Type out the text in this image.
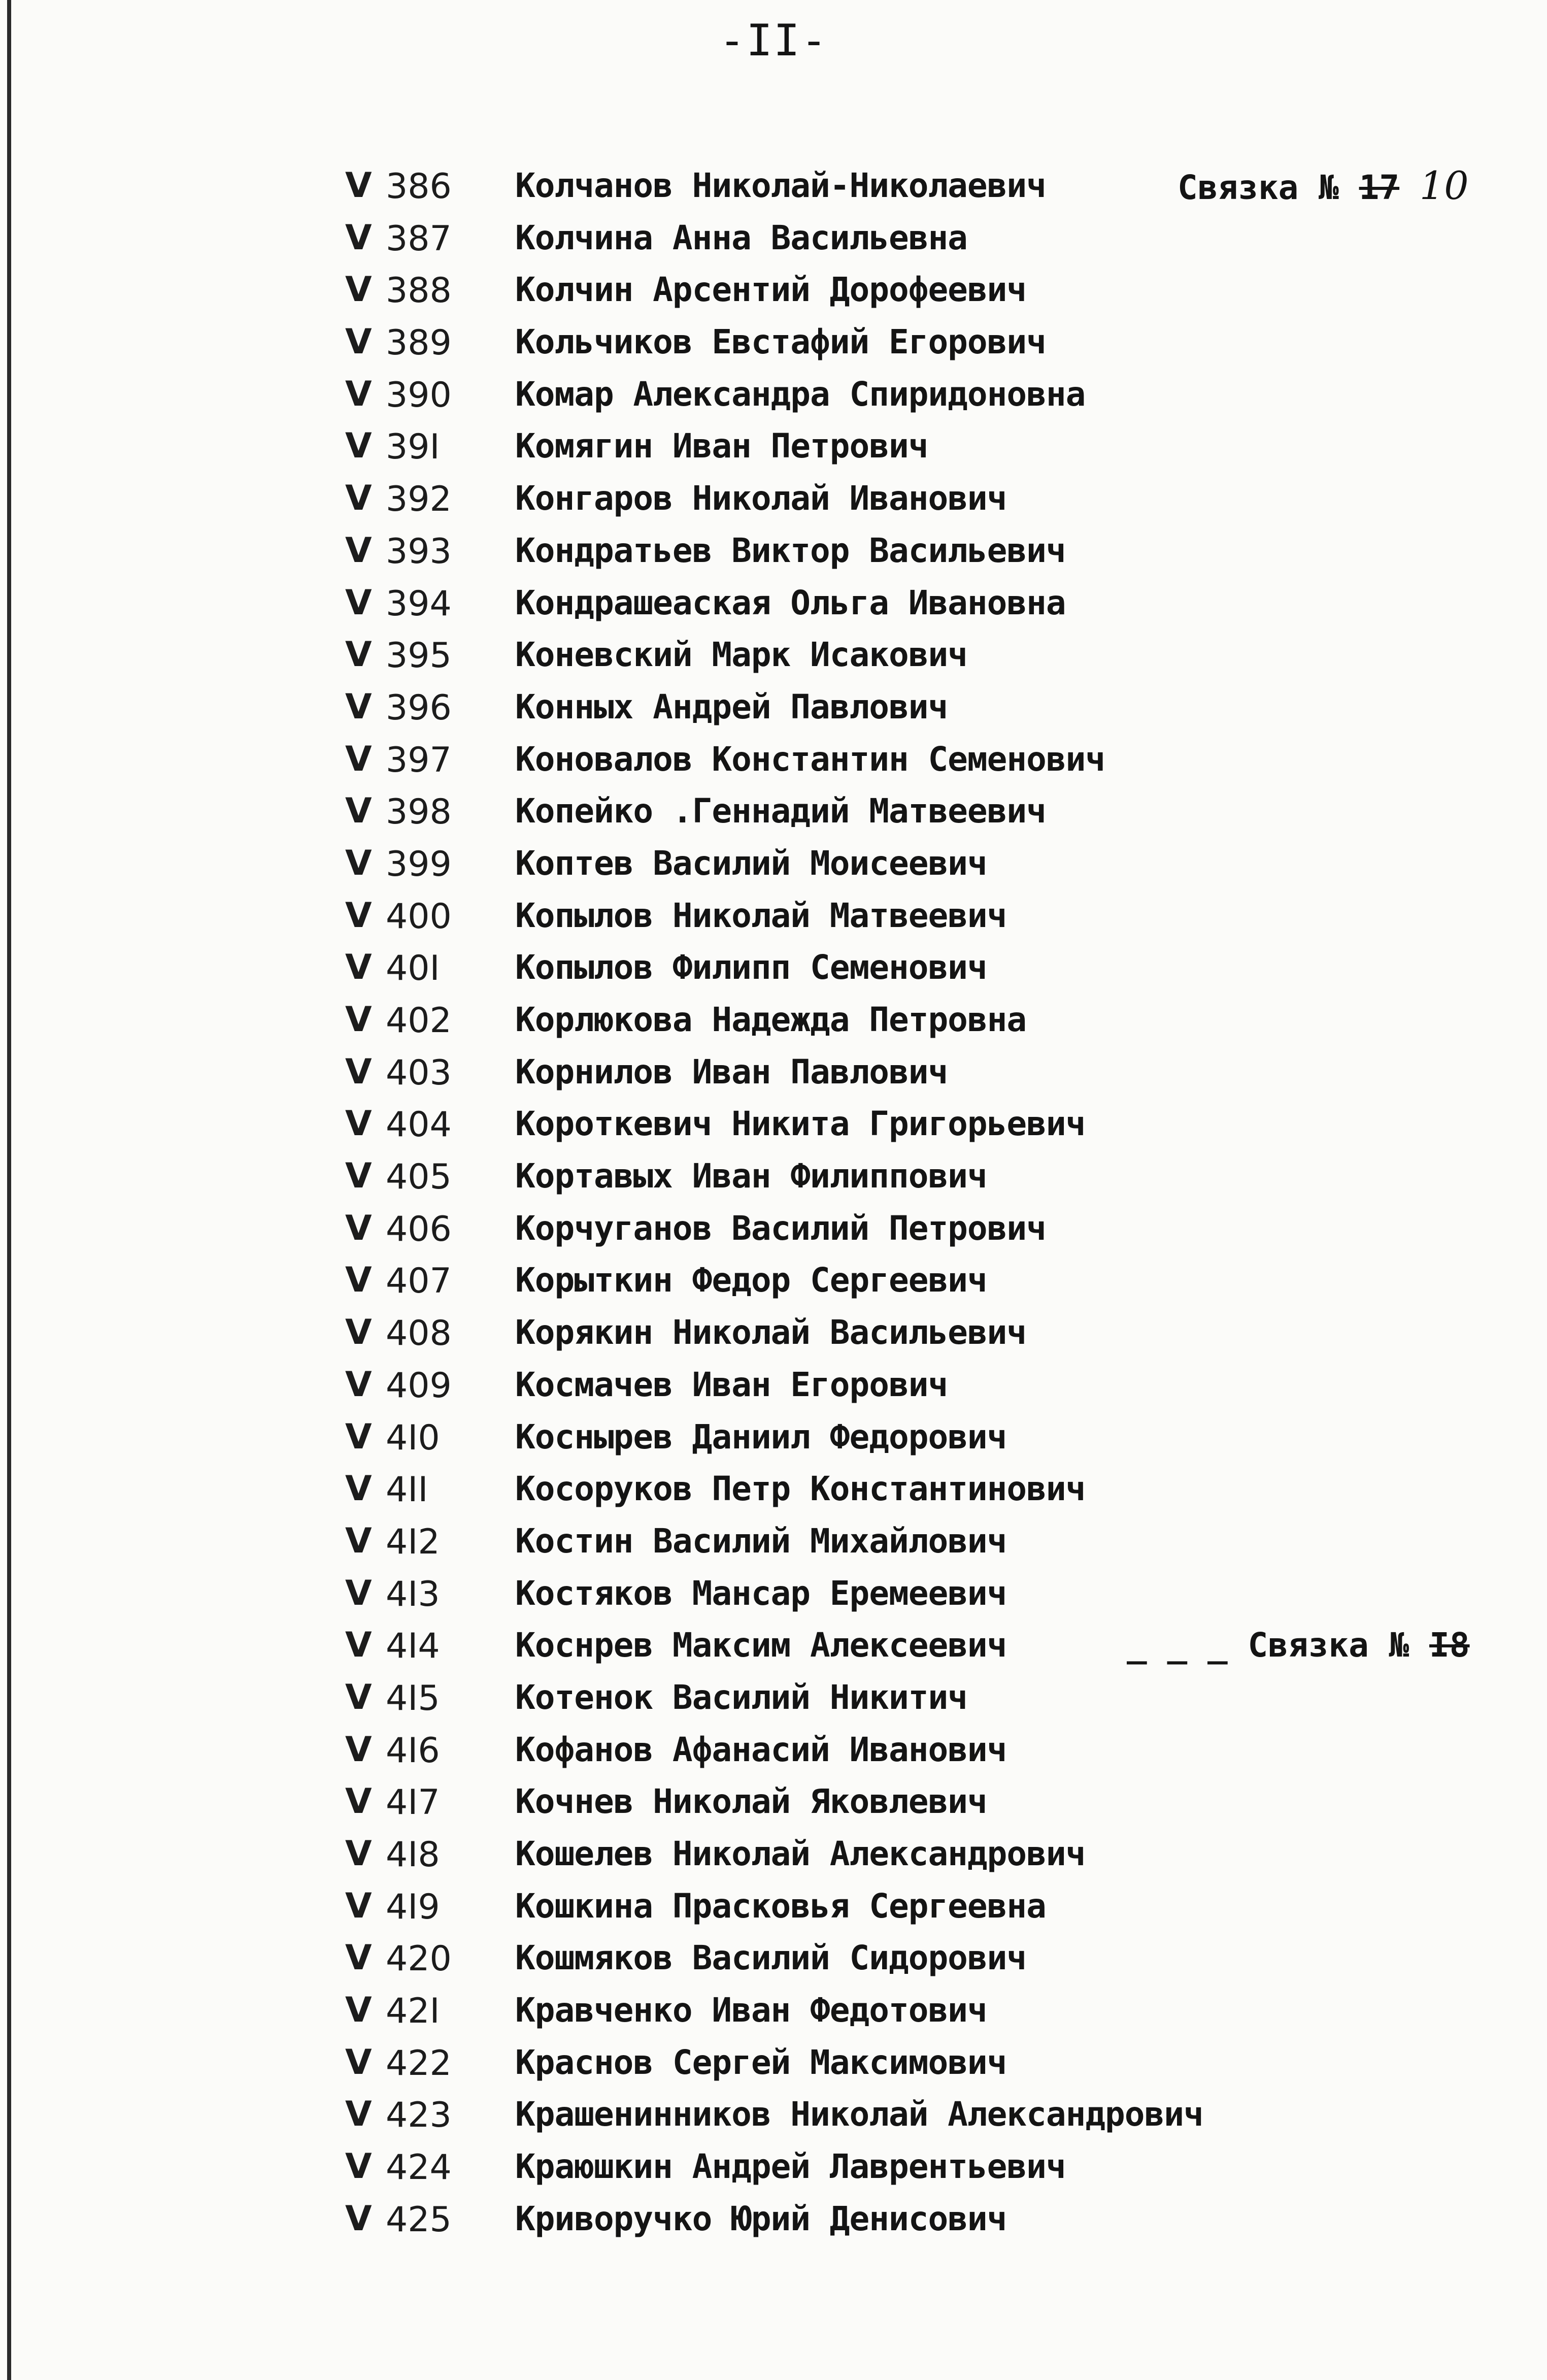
-II-
V 386 Колчанов Николай-Николаевич	Связка № 17 10
V 387 Колчина Анна Васильевна
V 388 Колчин Арсентий Дорофеевич
V 389 Кольчиков Евстафий Егорович
V 390 Комар Александра Спиридоновна
V 39I Комягин Иван Петрович
V 392 Конгаров Николай Иванович
V 393 Кондратьев Виктор Васильевич
V 394 Кондрашеаская Ольга Ивановна
V 395 Коневский Марк Исакович
V 396 Конных Андрей Павлович
V 397 Коновалов Константин Семенович
V 398 Копейко .Геннадий Матвеевич
V 399 Коптев Василий Моисеевич
V 400 Копылов Николай Матвеевич
V 40I Копылов Филипп Семенович
V 402 Корлюкова Надежда Петровна
V 403 Корнилов Иван Павлович
V 404 Короткевич Никита Григорьевич
V 405 Кортавых Иван Филиппович
V 406 Корчуганов Василий Петрович
V 407 Корыткин Федор Сергеевич
V 408 Корякин Николай Васильевич
V 409 Космачев Иван Егорович
V 4I0 Коснырев Даниил Федорович
V 4II	Косоруков Петр Константинович
V 4I2 Костин Василий Михайлович
V 4I3 Костяков Мансар Еремеевич
V 4I4 Коснрев Максим Алексеевич	_ _ _ Связка № I8
V 4I5 Котенок Василий Никитич
V 4I6 Кофанов Афанасий Иванович
V 4I7 Кочнев Николай Яковлевич
V 4I8 Кошелев Николай Александрович
V 4I9 Кошкина Прасковья Сергеевна
V 420 Кошмяков Василий Сидорович
V 42I Кравченко Иван Федотович
V 422 Краснов Сергей Максимович
V 423 Крашенинников Николай Александрович
V 424 Краюшкин Андрей Лаврентьевич
V 425 Криворучко Юрий Денисович
